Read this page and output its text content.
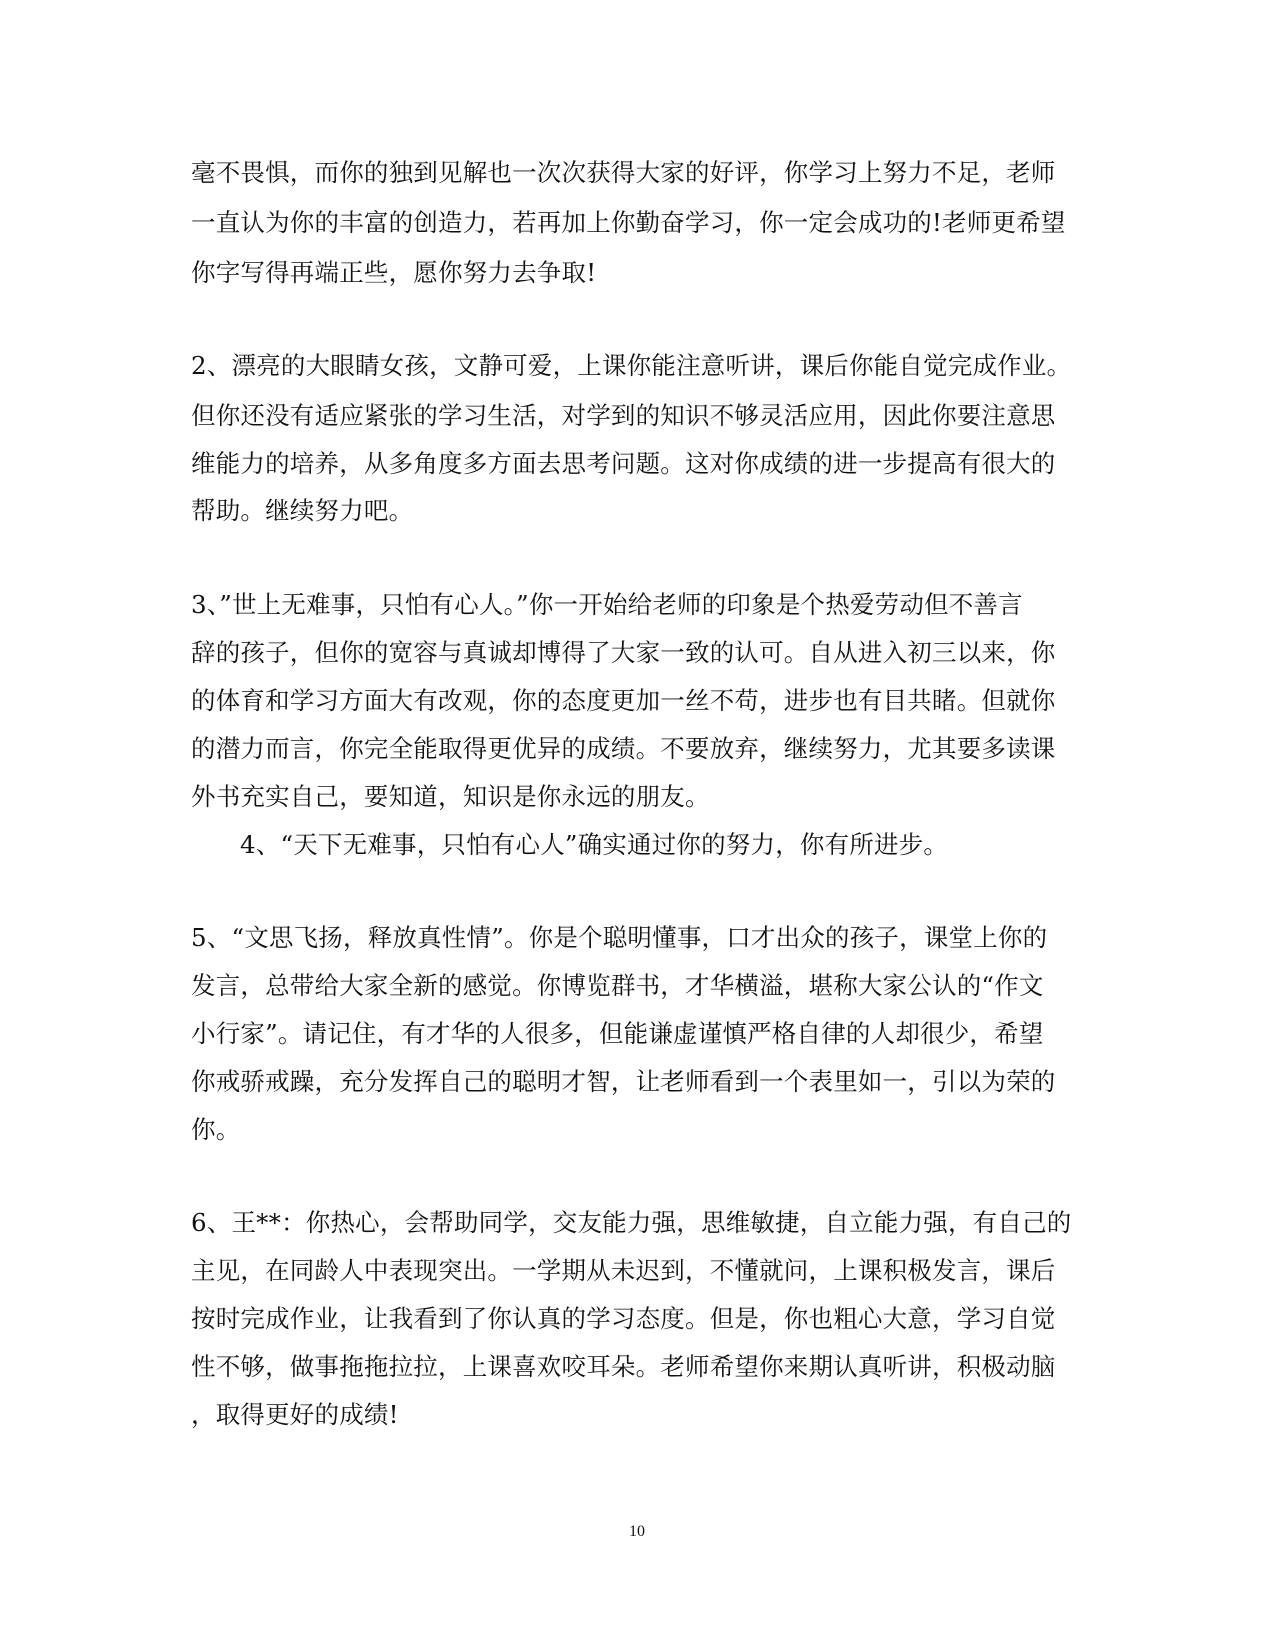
毫不畏惧，而你的独到见解也一次次获得大家的好评，你学习上努力不足，老师
一直认为你的丰富的创造力，若再加上你勤奋学习，你一定会成功的!老师更希望
你字写得再端正些，愿你努力去争取!
2、漂亮的大眼睛女孩，文静可爱，上课你能注意听讲，课后你能自觉完成作业。
但你还没有适应紧张的学习生活，对学到的知识不够灵活应用，因此你要注意思
维能力的培养，从多角度多方面去思考问题。这对你成绩的进一步提高有很大的
帮助。继续努力吧。
3、”世上无难事，只怕有心人。”你一开始给老师的印象是个热爱劳动但不善言
辞的孩子，但你的宽容与真诚却博得了大家一致的认可。自从进入初三以来，你
的体育和学习方面大有改观，你的态度更加一丝不苟，进步也有目共睹。但就你
的潜力而言，你完全能取得更优异的成绩。不要放弃，继续努力，尤其要多读课
外书充实自己，要知道，知识是你永远的朋友。
4、“天下无难事，只怕有心人”确实通过你的努力，你有所进步。
5、“文思飞扬，释放真性情”。你是个聪明懂事，口才出众的孩子，课堂上你的
发言，总带给大家全新的感觉。你博览群书，才华横溢，堪称大家公认的“作文
小行家”。请记住，有才华的人很多，但能谦虚谨慎严格自律的人却很少，希望
你戒骄戒躁，充分发挥自己的聪明才智，让老师看到一个表里如一，引以为荣的
你。
6、王**：你热心，会帮助同学，交友能力强，思维敏捷，自立能力强，有自己的
主见，在同龄人中表现突出。一学期从未迟到，不懂就问，上课积极发言，课后
按时完成作业，让我看到了你认真的学习态度。但是，你也粗心大意，学习自觉
性不够，做事拖拖拉拉，上课喜欢咬耳朵。老师希望你来期认真听讲，积极动脑
，取得更好的成绩!
10
